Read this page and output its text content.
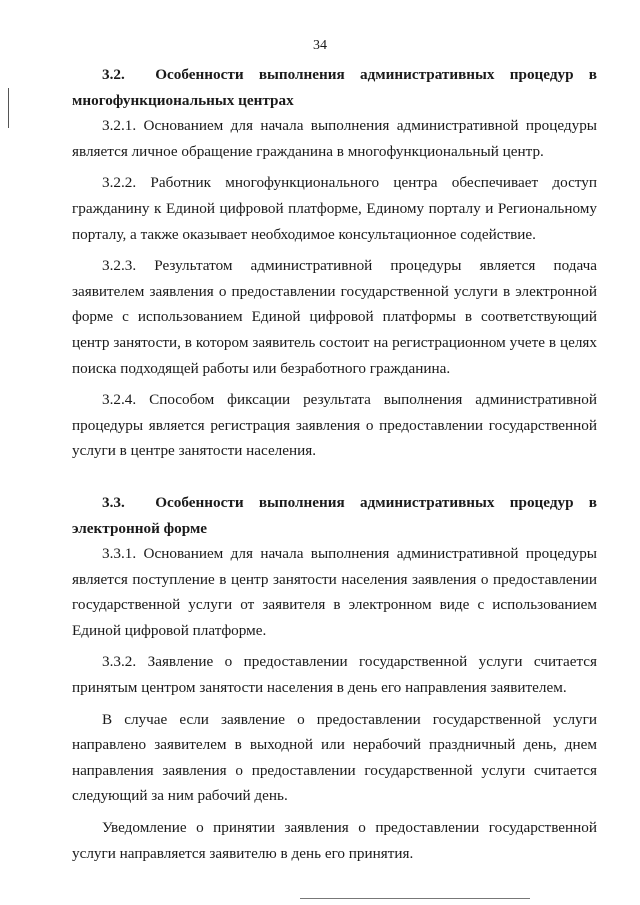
34

3.2. Особенности выполнения административных процедур в многофункциональных центрах

3.2.1. Основанием для начала выполнения административной процедуры является личное обращение гражданина в многофункциональный центр.

3.2.2. Работник многофункционального центра обеспечивает доступ гражданину к Единой цифровой платформе, Единому порталу и Региональному порталу, а также оказывает необходимое консультационное содействие.

3.2.3. Результатом административной процедуры является подача заявителем заявления о предоставлении государственной услуги в электронной форме с использованием Единой цифровой платформы в соответствующий центр занятости, в котором заявитель состоит на регистрационном учете в целях поиска подходящей работы или безработного гражданина.

3.2.4. Способом фиксации результата выполнения административной процедуры является регистрация заявления о предоставлении государственной услуги в центре занятости населения.

3.3. Особенности выполнения административных процедур в электронной форме

3.3.1. Основанием для начала выполнения административной процедуры является поступление в центр занятости населения заявления о предоставлении государственной услуги от заявителя в электронном виде с использованием Единой цифровой платформе.

3.3.2. Заявление о предоставлении государственной услуги считается принятым центром занятости населения в день его направления заявителем.

В случае если заявление о предоставлении государственной услуги направлено заявителем в выходной или нерабочий праздничный день, днем направления заявления о предоставлении государственной услуги считается следующий за ним рабочий день.

Уведомление о принятии заявления о предоставлении государственной услуги направляется заявителю в день его принятия.
